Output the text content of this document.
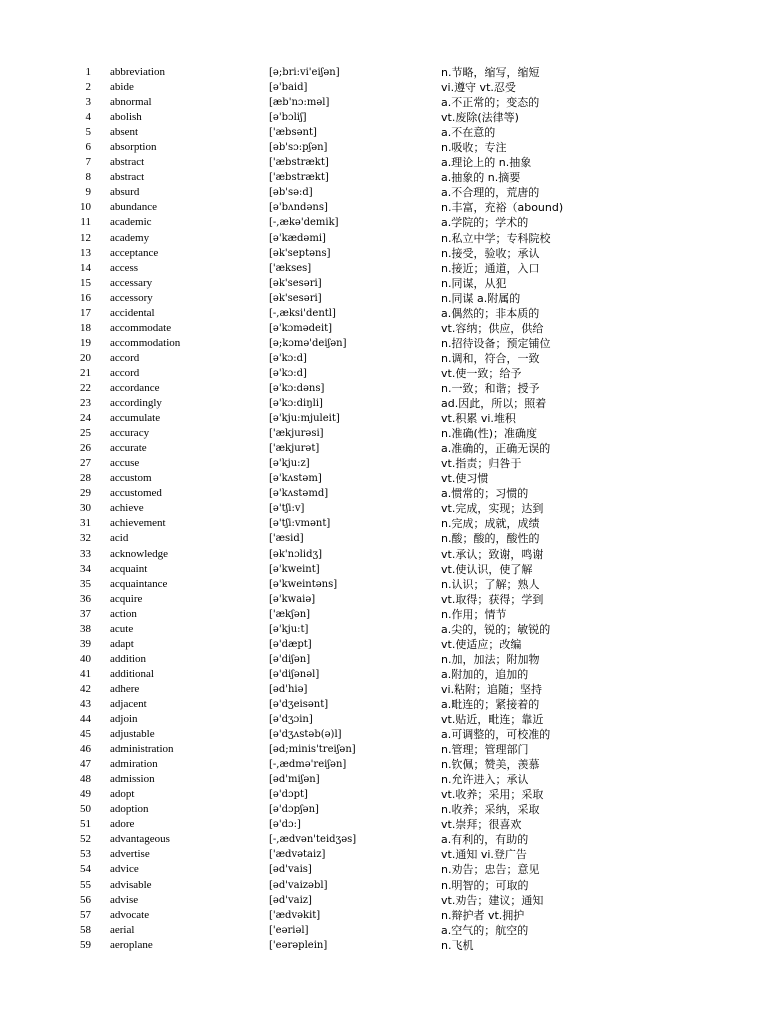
1 abbreviation	[ə;bri:vi'eiʃən]	n.节略，缩写，缩短
2 abide	[ə'baid]	vi.遵守 vt.忍受
3 abnormal	[æb'nɔ:məl]	a.不正常的；变态的
4 abolish	[ə'bɔliʃ]	vt.废除(法律等)
5 absent	['æbsənt]	a.不在意的
6 absorption	[əb'sɔ:pʃən]	n.吸收；专注
7 abstract	['æbstrækt]	a.理论上的 n.抽象
8 abstract	['æbstrækt]	a.抽象的 n.摘要
9 absurd	[əb'sə:d]	a.不合理的，荒唐的
10 abundance	[ə'bʌndəns]	n.丰富，充裕（abound)
11 academic	[-,ækə'demik]	a.学院的；学术的
12 academy	[ə'kædəmi]	n.私立中学；专科院校
13 acceptance	[ək'septəns]	n.接受，验收；承认
14 access	['ækses]	n.接近；通道，入口
15 accessary	[ək'sesəri]	n.同谋，从犯
16 accessory	[ək'sesəri]	n.同谋 a.附属的
17 accidental	[-,æksi'dentl]	a.偶然的；非本质的
18 accommodate	[ə'kɔmədeit]	vt.容纳；供应，供给
19 accommodation	[ə;kɔmə'deiʃən]	n.招待设备；预定铺位
20 accord	[ə'kɔ:d]	n.调和，符合，一致
21 accord	[ə'kɔ:d]	vt.使一致；给予
22 accordance	[ə'kɔ:dəns]	n.一致；和谐；授予
23 accordingly	[ə'kɔ:diŋli]	ad.因此，所以；照着
24 accumulate	[ə'kju:mjuleit]	vt.积累 vi.堆积
25 accuracy	['ækjurəsi]	n.准确(性)；准确度
26 accurate	['ækjurət]	a.准确的，正确无误的
27 accuse	[ə'kju:z]	vt.指责；归咎于
28 accustom	[ə'kʌstəm]	vt.使习惯
29 accustomed	[ə'kʌstəmd]	a.惯常的；习惯的
30 achieve	[ə'tʃi:v]	vt.完成，实现；达到
31 achievement	[ə'tʃi:vmənt]	n.完成；成就，成绩
32 acid	['æsid]	n.酸；酸的，酸性的
33 acknowledge	[ək'nɔlidʒ]	vt.承认；致谢，鸣谢
34 acquaint	[ə'kweint]	vt.使认识，使了解
35 acquaintance	[ə'kweintəns]	n.认识；了解；熟人
36 acquire	[ə'kwaiə]	vt.取得；获得；学到
37 action	['ækʃən]	n.作用；情节
38 acute	[ə'kju:t]	a.尖的，锐的；敏锐的
39 adapt	[ə'dæpt]	vt.使适应；改编
40 addition	[ə'diʃən]	n.加，加法；附加物
41 additional	[ə'diʃənəl]	a.附加的，追加的
42 adhere	[əd'hiə]	vi.粘附；追随；坚持
43 adjacent	[ə'dʒeisənt]	a.毗连的；紧接着的
44 adjoin	[ə'dʒɔin]	vt.贴近，毗连；靠近
45 adjustable	[ə'dʒʌstəb(ə)l]	a.可调整的，可校准的
46 administration	[əd;minis'treiʃən]	n.管理；管理部门
47 admiration	[-,ædmə'reiʃən]	n.钦佩；赞美，羡慕
48 admission	[əd'miʃən]	n.允许进入；承认
49 adopt	[ə'dɔpt]	vt.收养；采用；采取
50 adoption	[ə'dɔpʃən]	n.收养；采纳，采取
51 adore	[ə'dɔ:]	vt.崇拜；很喜欢
52 advantageous	[-,ædvən'teidʒəs]	a.有利的，有助的
53 advertise	['ædvətaiz]	vt.通知 vi.登广告
54 advice	[əd'vais]	n.劝告；忠告；意见
55 advisable	[əd'vaizəbl]	n.明智的；可取的
56 advise	[əd'vaiz]	vt.劝告；建议；通知
57 advocate	['ædvəkit]	n.辩护者 vt.拥护
58 aerial	['eəriəl]	a.空气的；航空的
59 aeroplane	['eərəplein]	n.飞机
